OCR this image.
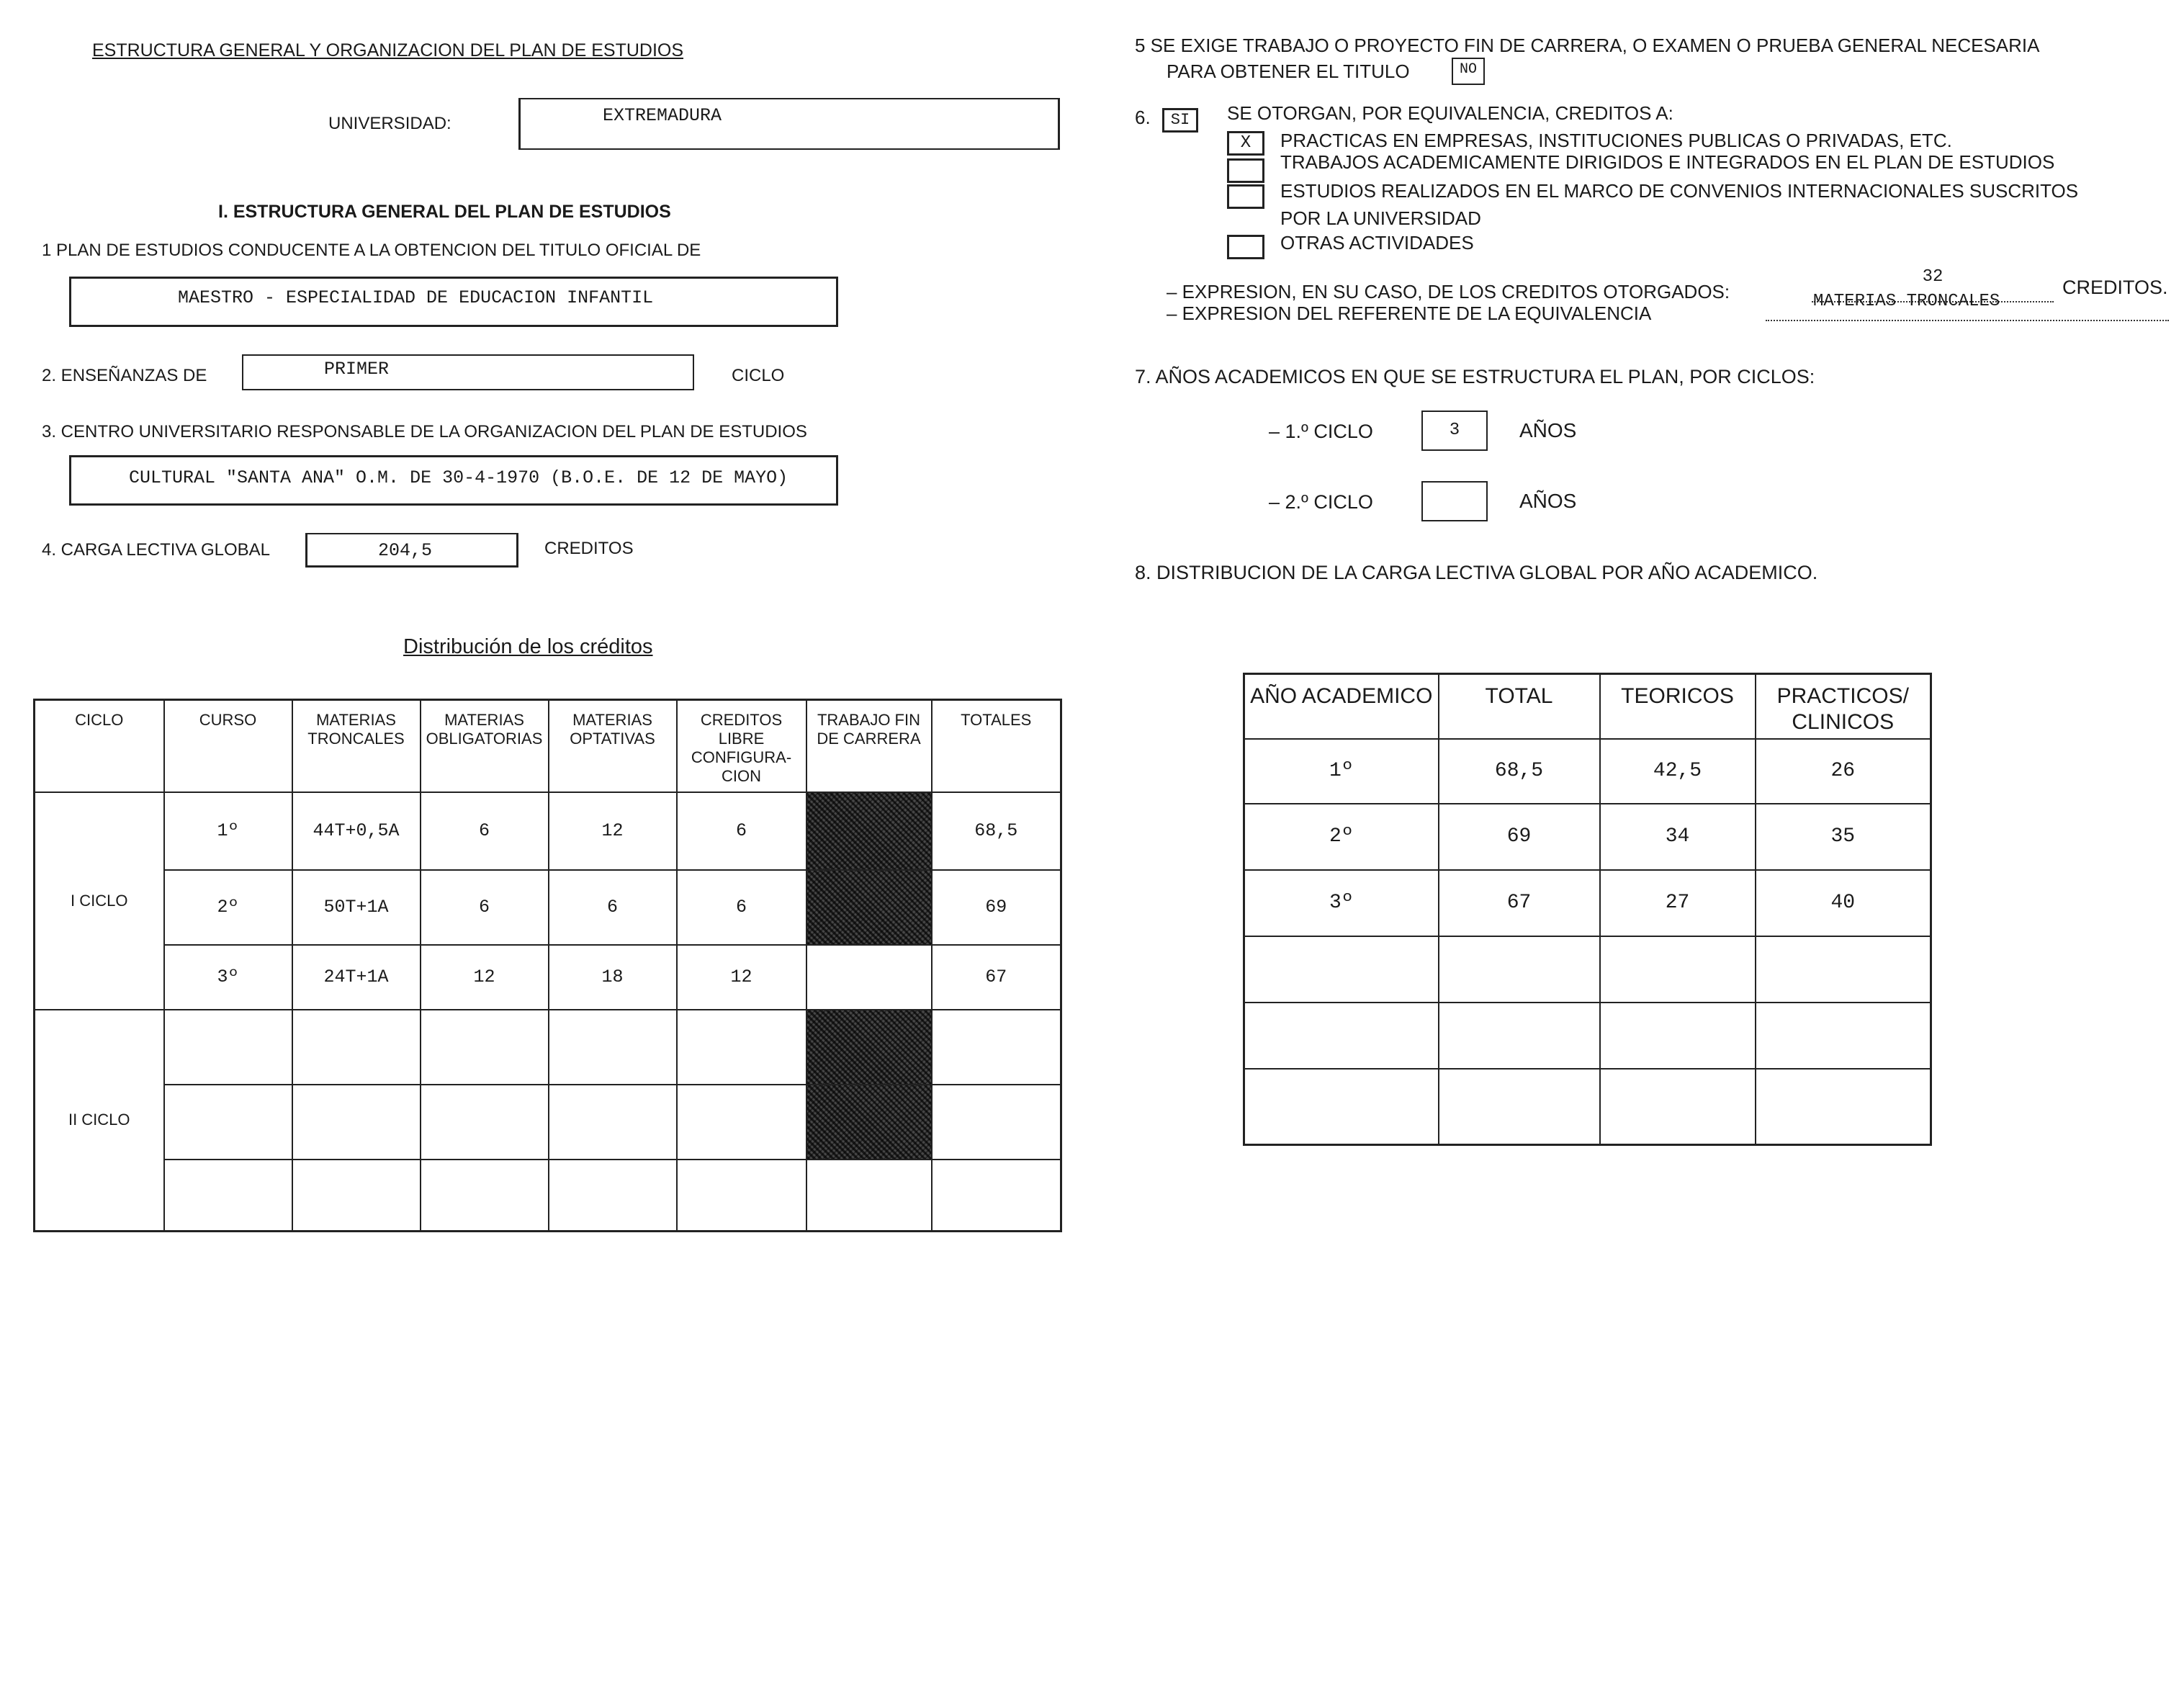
ESTRUCTURA GENERAL Y ORGANIZACION DEL PLAN DE ESTUDIOS
UNIVERSIDAD:	EXTREMADURA
I. ESTRUCTURA GENERAL DEL PLAN DE ESTUDIOS
1 PLAN DE ESTUDIOS CONDUCENTE A LA OBTENCION DEL TITULO OFICIAL DE
MAESTRO - ESPECIALIDAD DE EDUCACION INFANTIL
2. ENSEÑANZAS DE	PRIMER	CICLO
3. CENTRO UNIVERSITARIO RESPONSABLE DE LA ORGANIZACION DEL PLAN DE ESTUDIOS
CULTURAL "SANTA ANA" O.M. DE 30-4-1970 (B.O.E. DE 12 DE MAYO)
4. CARGA LECTIVA GLOBAL	204,5	CREDITOS
Distribución de los créditos
CICLO	CURSO	MATERIAS TRONCALES	MATERIAS OBLIGATORIAS	MATERIAS OPTATIVAS	CREDITOS LIBRE CONFIGURA- CION	TRABAJO FIN DE CARRERA	TOTALES
I CICLO	1º	44T+0,5A	6	12	6		68,5
	2º	50T+1A	6	6	6		69
	3º	24T+1A	12	18	12		67
II CICLO							

5 SE EXIGE TRABAJO O PROYECTO FIN DE CARRERA, O EXAMEN O PRUEBA GENERAL NECESARIA
PARA OBTENER EL TITULO	NO
6.	SI	SE OTORGAN, POR EQUIVALENCIA, CREDITOS A:
X	PRACTICAS EN EMPRESAS, INSTITUCIONES PUBLICAS O PRIVADAS, ETC.
TRABAJOS ACADEMICAMENTE DIRIGIDOS E INTEGRADOS EN EL PLAN DE ESTUDIOS
ESTUDIOS REALIZADOS EN EL MARCO DE CONVENIOS INTERNACIONALES SUSCRITOS
POR LA UNIVERSIDAD
OTRAS ACTIVIDADES
– EXPRESION, EN SU CASO, DE LOS CREDITOS OTORGADOS:
32	CREDITOS.
– EXPRESION DEL REFERENTE DE LA EQUIVALENCIA
MATERIAS TRONCALES
7. AÑOS ACADEMICOS EN QUE SE ESTRUCTURA EL PLAN, POR CICLOS:
– 1.º CICLO	3	AÑOS
– 2.º CICLO	AÑOS
8. DISTRIBUCION DE LA CARGA LECTIVA GLOBAL POR AÑO ACADEMICO.
AÑO ACADEMICO	TOTAL	TEORICOS	PRACTICOS/ CLINICOS
1º	68,5	42,5	26
2º	69	34	35
3º	67	27	40
